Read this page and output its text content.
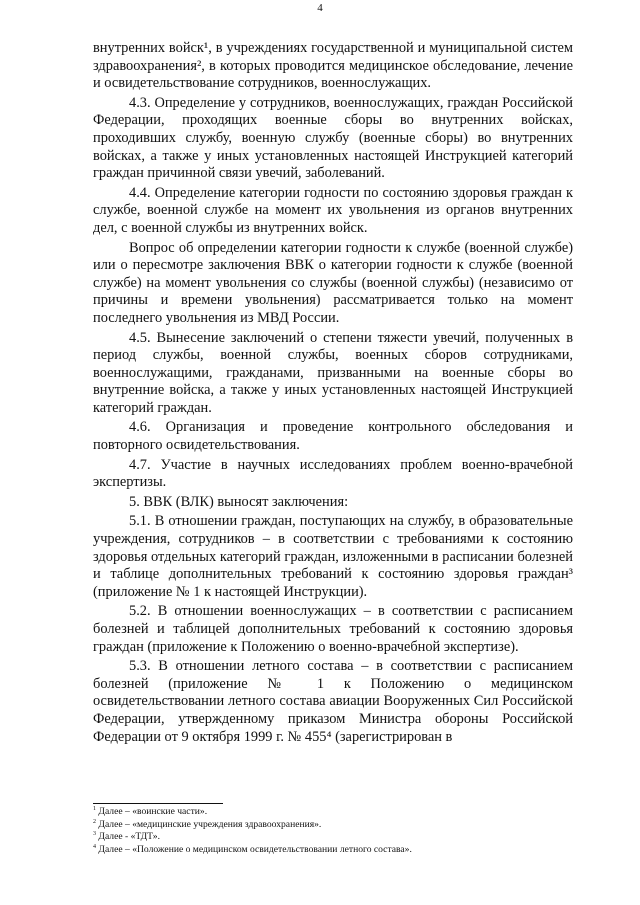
4

внутренних войск¹, в учреждениях государственной и муниципальной систем здравоохранения², в которых проводится медицинское обследование, лечение и освидетельствование сотрудников, военнослужащих.

4.3. Определение у сотрудников, военнослужащих, граждан Российской Федерации, проходящих военные сборы во внутренних войсках, проходивших службу, военную службу (военные сборы) во внутренних войсках, а также у иных установленных настоящей Инструкцией категорий граждан причинной связи увечий, заболеваний.

4.4. Определение категории годности по состоянию здоровья граждан к службе, военной службе на момент их увольнения из органов внутренних дел, с военной службы из внутренних войск.

Вопрос об определении категории годности к службе (военной службе) или о пересмотре заключения ВВК о категории годности к службе (военной службе) на момент увольнения со службы (военной службы) (независимо от причины и времени увольнения) рассматривается только на момент последнего увольнения из МВД России.

4.5. Вынесение заключений о степени тяжести увечий, полученных в период службы, военной службы, военных сборов сотрудниками, военнослужащими, гражданами, призванными на военные сборы во внутренние войска, а также у иных установленных настоящей Инструкцией категорий граждан.

4.6. Организация и проведение контрольного обследования и повторного освидетельствования.

4.7. Участие в научных исследованиях проблем военно-врачебной экспертизы.

5. ВВК (ВЛК) выносят заключения:

5.1. В отношении граждан, поступающих на службу, в образовательные учреждения, сотрудников – в соответствии с требованиями к состоянию здоровья отдельных категорий граждан, изложенными в расписании болезней и таблице дополнительных требований к состоянию здоровья граждан³ (приложение № 1 к настоящей Инструкции).

5.2. В отношении военнослужащих – в соответствии с расписанием болезней и таблицей дополнительных требований к состоянию здоровья граждан (приложение к Положению о военно-врачебной экспертизе).

5.3. В отношении летного состава – в соответствии с расписанием болезней (приложение № 1 к Положению о медицинском освидетельствовании летного состава авиации Вооруженных Сил Российской Федерации, утвержденному приказом Министра обороны Российской Федерации от 9 октября 1999 г. № 455⁴ (зарегистрирован в

$^1$ Далее – «воинские части».

$^2$ Далее – «медицинские учреждения здравоохранения».

$^3$ Далее - «ТДТ».

$^4$ Далее – «Положение о медицинском освидетельствовании летного состава».
